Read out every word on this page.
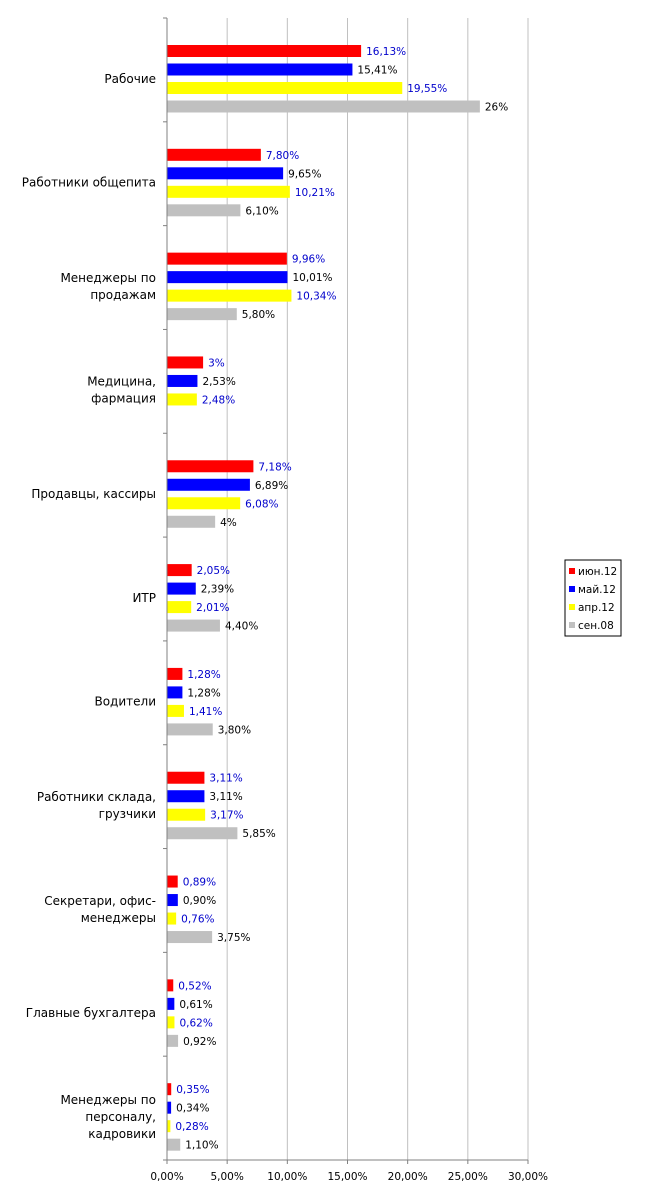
0,00%	5,00% 10,00% 15,00% 20,00% 25,00% 30,00%
Рабочие
Работники общепита
Менеджеры по продажам
Медицина, фармация
Продавцы, кассиры
ИТР
Водители
Работники склада, грузчики
Секретари, офис-менеджеры
Главные бухгалтера
Менеджеры по персоналу, кадровики
16,13%
7,80%
9,96%
3%
7,18%
2,05%
1,28%
3,11%
0,89%
0,52%
0,35%
15,41%
9,65%
10,01%
2,53%
6,89%
2,39%
1,28%
3,11%
0,90%
0,61%
0,34%
19,55%
10,21%
10,34%
2,48%
6,08%
2,01%
1,41%
3,17%
0,76%
0,62%
0,28%
26%
6,10%
5,80%
4%
4,40%
3,80%
5,85%
3,75%
0,92%
1,10%
июн.12
май.12
апр.12
сен.08
